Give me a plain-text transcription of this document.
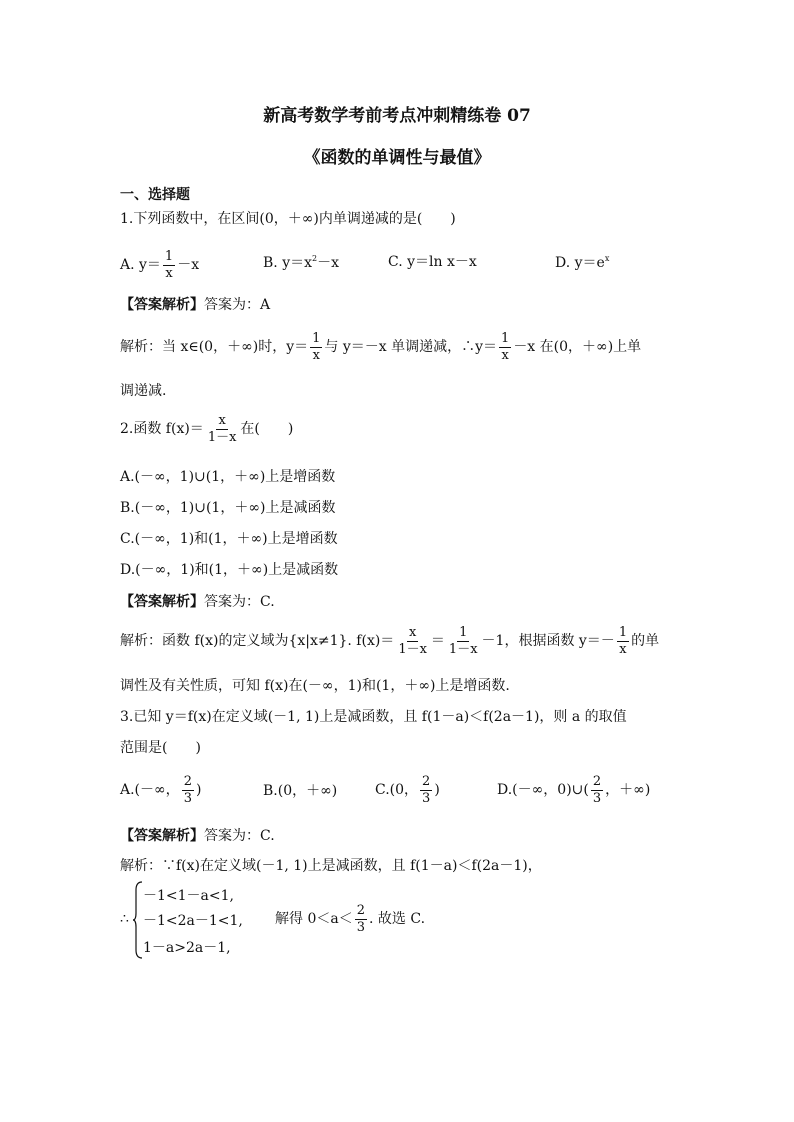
新高考数学考前考点冲刺精练卷 07
《函数的单调性与最值》
一、选择题
1.下列函数中，在区间(0，＋∞)内单调递减的是(　　)
A. $y= \frac{1}{x} -x$	B. $y=x^2-x$	C. y＝ln x－x	D. $y=e^x$
【答案解析】答案为：A
解析：当 x∈(0，＋∞)时，$y= \frac{1}{x}$ 与 y＝－x 单调递减，∴y＝ $\frac{1}{x} -x$ 在(0，＋∞)上单
调递减.
2.函数 $f(x)= \frac{x}{1-x}$ 在(　　)
A.(－∞，1)∪(1，＋∞)上是增函数
B.(－∞，1)∪(1，＋∞)上是减函数
C.(－∞，1)和(1，＋∞)上是增函数
D.(－∞，1)和(1，＋∞)上是减函数
【答案解析】答案为：C.
解析：函数 f(x)的定义域为{x|x≠1}. $f(x)= \frac{x}{1-x} = \frac{1}{1-x} -1$，根据函数 $y=- \frac{1}{x}$ 的单
调性及有关性质，可知 f(x)在(－∞，1)和(1，＋∞)上是增函数.
3.已知 y＝f(x)在定义域(－1, 1)上是减函数，且 f(1－a)＜f(2a－1)，则 a 的取值
范围是(　　)
A.(－∞， $\frac{2}{3}$ )	B.(0，＋∞)	C.(0， $\frac{2}{3}$ )	D.(－∞，0)∪( $\frac{2}{3}$ ，＋∞)
【答案解析】答案为：C.
解析：∵f(x)在定义域(－1, 1)上是减函数，且 f(1－a)＜f(2a－1)，
∴
－1<1－a<1,
－1<2a－1<1,
1－a>2a－1,
解得 $0<a< \frac{2}{3}$ . 故选 C.
